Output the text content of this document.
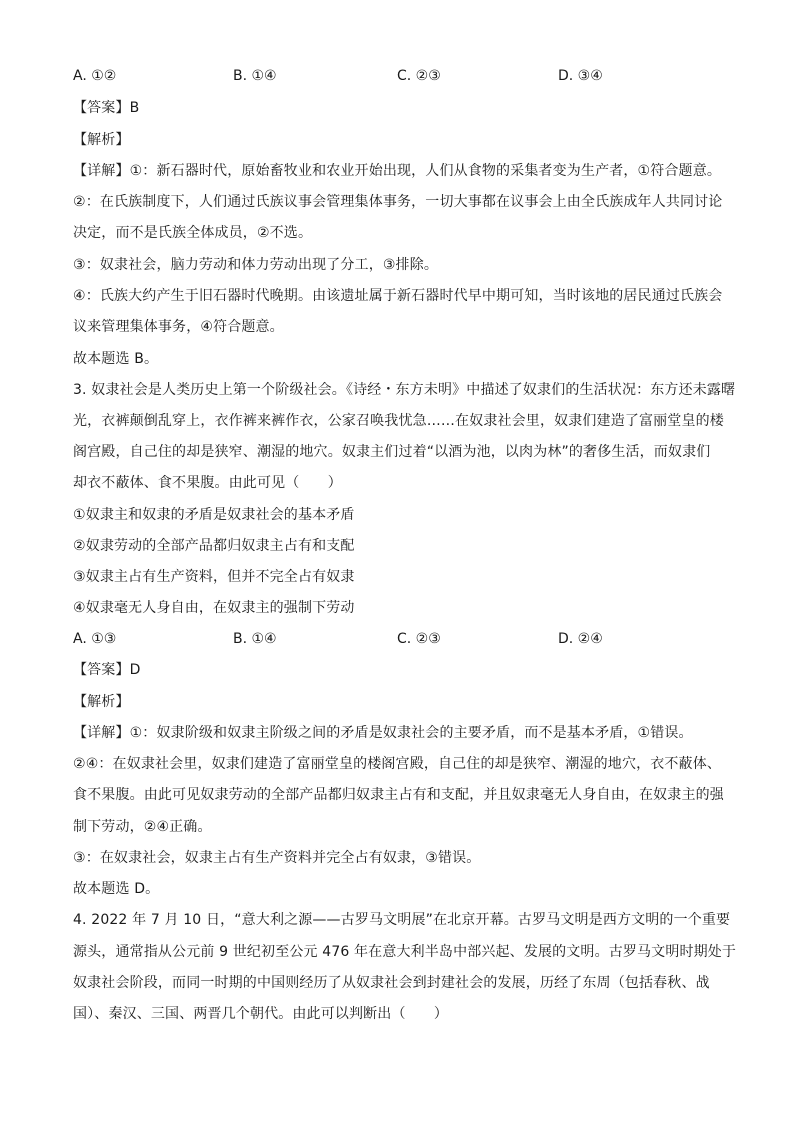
A. ①②	B. ①④	C. ②③	D. ③④
【答案】B
【解析】
【详解】①：新石器时代，原始畜牧业和农业开始出现，人们从食物的采集者变为生产者，①符合题意。
②：在氏族制度下，人们通过氏族议事会管理集体事务，一切大事都在议事会上由全氏族成年人共同讨论
决定，而不是氏族全体成员，②不选。
③：奴隶社会，脑力劳动和体力劳动出现了分工，③排除。
④：氏族大约产生于旧石器时代晚期。由该遗址属于新石器时代早中期可知，当时该地的居民通过氏族会
议来管理集体事务，④符合题意。
故本题选 B。
3. 奴隶社会是人类历史上第一个阶级社会。《诗经・东方未明》中描述了奴隶们的生活状况：东方还未露曙
光，衣裤颠倒乱穿上，衣作裤来裤作衣，公家召唤我忧急……在奴隶社会里，奴隶们建造了富丽堂皇的楼
阁宫殿，自己住的却是狭窄、潮湿的地穴。奴隶主们过着“以酒为池，以肉为林”的奢侈生活，而奴隶们
却衣不蔽体、食不果腹。由此可见（　　）
①奴隶主和奴隶的矛盾是奴隶社会的基本矛盾
②奴隶劳动的全部产品都归奴隶主占有和支配
③奴隶主占有生产资料，但并不完全占有奴隶
④奴隶毫无人身自由，在奴隶主的强制下劳动
A. ①③	B. ①④	C. ②③	D. ②④
【答案】D
【解析】
【详解】①：奴隶阶级和奴隶主阶级之间的矛盾是奴隶社会的主要矛盾，而不是基本矛盾，①错误。
②④：在奴隶社会里，奴隶们建造了富丽堂皇的楼阁宫殿，自己住的却是狭窄、潮湿的地穴，衣不蔽体、
食不果腹。由此可见奴隶劳动的全部产品都归奴隶主占有和支配，并且奴隶毫无人身自由，在奴隶主的强
制下劳动，②④正确。
③：在奴隶社会，奴隶主占有生产资料并完全占有奴隶，③错误。
故本题选 D。
4. 2022 年 7 月 10 日，“意大利之源——古罗马文明展”在北京开幕。古罗马文明是西方文明的一个重要
源头，通常指从公元前 9 世纪初至公元 476 年在意大利半岛中部兴起、发展的文明。古罗马文明时期处于
奴隶社会阶段，而同一时期的中国则经历了从奴隶社会到封建社会的发展，历经了东周（包括春秋、战
国）、秦汉、三国、两晋几个朝代。由此可以判断出（　　）
